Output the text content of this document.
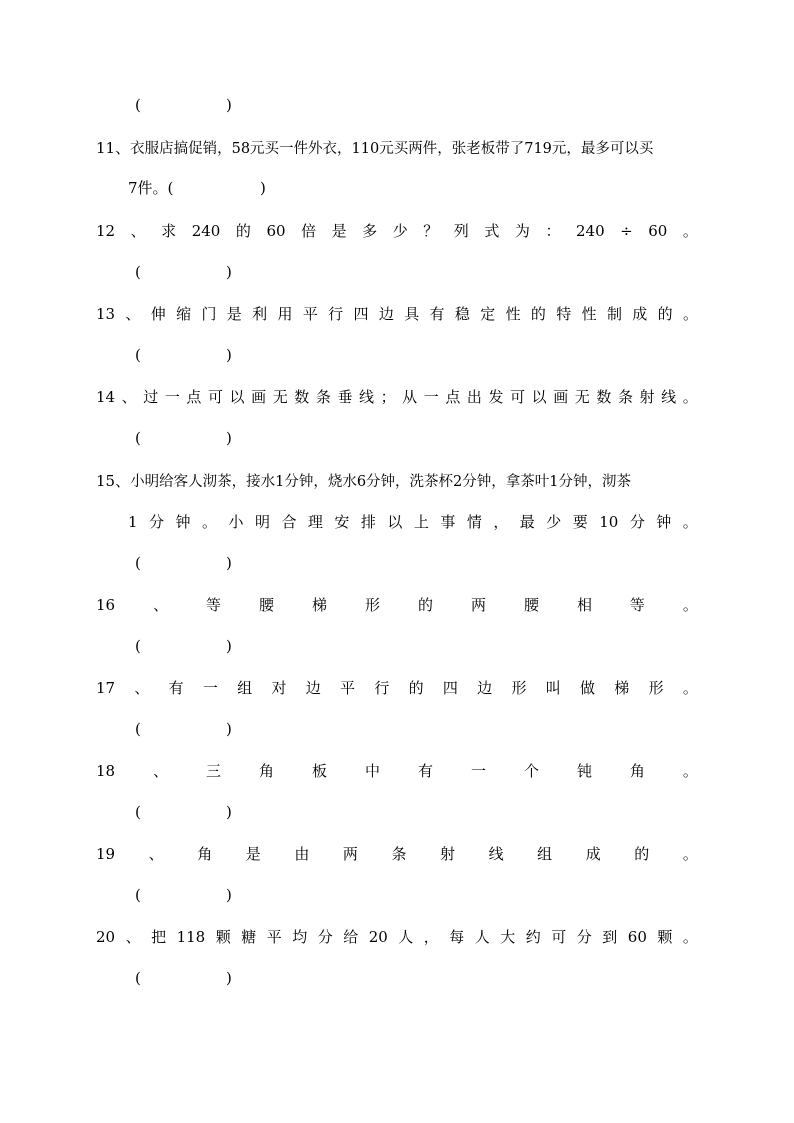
(	)
11、衣服店搞促销，58元买一件外衣，110元买两件，张老板带了719元，最多可以买
7件。(	)
12 、 求 240 的 60 倍 是 多 少 ？ 列 式 为 ： 240 ÷ 60 。
(	)
13 、 伸 缩 门 是 利 用 平 行 四 边 具 有 稳 定 性 的 特 性 制 成 的 。
(	)
14 、 过 一 点 可 以 画 无 数 条 垂 线 ； 从 一 点 出 发 可 以 画 无 数 条 射 线 。
(	)
15、小明给客人沏茶，接水1分钟，烧水6分钟，洗茶杯2分钟，拿茶叶1分钟，沏茶
1 分 钟 。 小 明 合 理 安 排 以 上 事 情 ， 最 少 要 10 分 钟 。
(	)
16	、	等	腰	梯	形	的	两	腰	相	等	。
(	)
17 、 有 一 组 对 边 平 行 的 四 边 形 叫 做 梯 形 。
(	)
18	、	三	角	板	中	有	一	个	钝	角	。
(	)
19 、 角 是 由 两 条 射 线 组 成 的 。
(	)
20 、 把 118 颗 糖 平 均 分 给 20 人 ， 每 人 大 约 可 分 到 60 颗 。
(	)
